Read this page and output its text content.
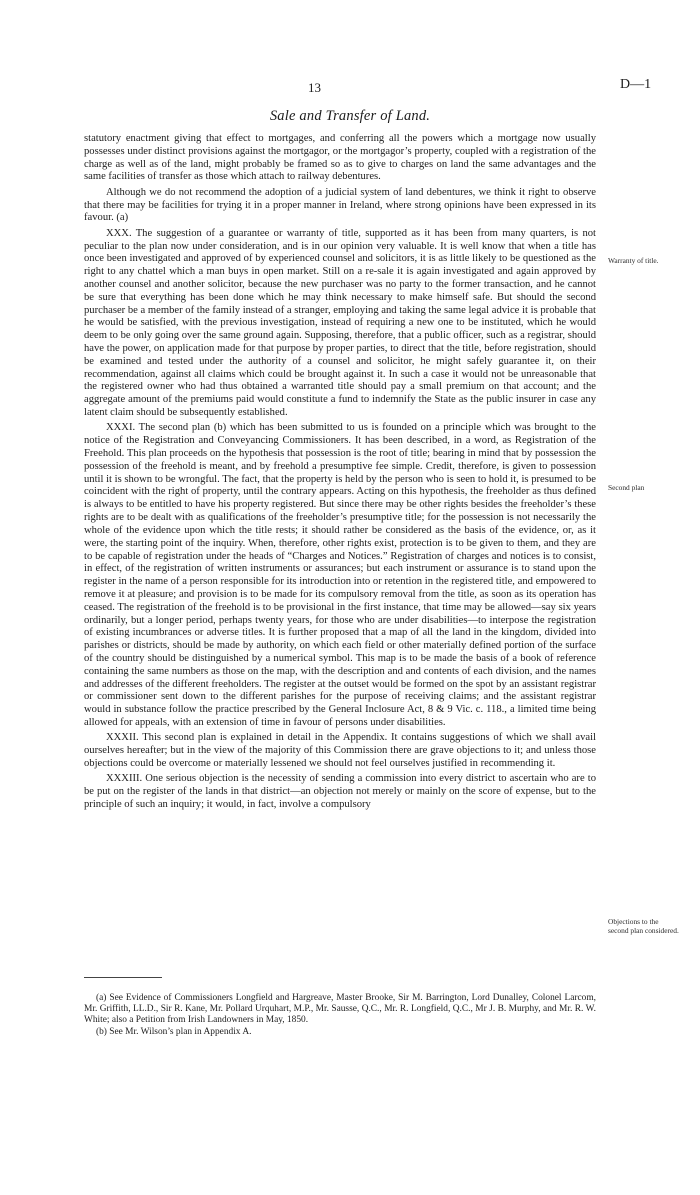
13	D—1
Sale and Transfer of Land.

statutory enactment giving that effect to mortgages, and conferring all the powers which a mortgage now usually possesses under distinct provisions against the mortgagor, or the mortgagor’s property, coupled with a registration of the charge as well as of the land, might probably be framed so as to give to charges on land the same advantages and the same facilities of transfer as those which attach to railway debentures.

Although we do not recommend the adoption of a judicial system of land debentures, we think it right to observe that there may be facilities for trying it in a proper manner in Ireland, where strong opinions have been expressed in its favour. (a)

XXX. The suggestion of a guarantee or warranty of title, supported as it has been from many quarters, is not peculiar to the plan now under consideration, and is in our opinion very valuable. It is well know that when a title has once been investigated and approved of by experienced counsel and solicitors, it is as little likely to be questioned as the right to any chattel which a man buys in open market. Still on a re-sale it is again investigated and again approved by another counsel and another solicitor, because the new purchaser was no party to the former transaction, and he cannot be sure that everything has been done which he may think necessary to make himself safe. But should the second purchaser be a member of the family instead of a stranger, employing and taking the same legal advice it is probable that he would be satisfied, with the previous investigation, instead of requiring a new one to be instituted, which he would deem to be only going over the same ground again. Supposing, therefore, that a public officer, such as a registrar, should have the power, on application made for that purpose by proper parties, to direct that the title, before registration, should be examined and tested under the authority of a counsel and solicitor, he might safely guarantee it, on their recommendation, against all claims which could be brought against it. In such a case it would not be unreasonable that the registered owner who had thus obtained a warranted title should pay a small premium on that account; and the aggregate amount of the premiums paid would constitute a fund to indemnify the State as the public insurer in case any latent claim should be subsequently established.

XXXI. The second plan (b) which has been submitted to us is founded on a principle which was brought to the notice of the Registration and Conveyancing Commissioners. It has been described, in a word, as Registration of the Freehold. This plan proceeds on the hypothesis that possession is the root of title; bearing in mind that by possession the possession of the freehold is meant, and by freehold a presumptive fee simple. Credit, therefore, is given to possession until it is shown to be wrongful. The fact, that the property is held by the person who is seen to hold it, is presumed to be coincident with the right of property, until the contrary appears. Acting on this hypothesis, the freeholder as thus defined is always to be entitled to have his property registered. But since there may be other rights besides the freeholder’s these rights are to be dealt with as qualifications of the freeholder’s presumptive title; for the possession is not necessarily the whole of the evidence upon which the title rests; it should rather be considered as the basis of the evidence, or, as it were, the starting point of the inquiry. When, therefore, other rights exist, protection is to be given to them, and they are to be capable of registration under the heads of “Charges and Notices.” Registration of charges and notices is to consist, in effect, of the registration of written instruments or assurances; but each instrument or assurance is to stand upon the register in the name of a person responsible for its introduction into or retention in the registered title, and empowered to remove it at pleasure; and provision is to be made for its compulsory removal from the title, as soon as its operation has ceased. The registration of the freehold is to be provisional in the first instance, that time may be allowed—say six years ordinarily, but a longer period, perhaps twenty years, for those who are under disabilities—to interpose the registration of existing incumbrances or adverse titles. It is further proposed that a map of all the land in the kingdom, divided into parishes or districts, should be made by authority, on which each field or other materially defined portion of the surface of the country should be distinguished by a numerical symbol. This map is to be made the basis of a book of reference containing the same numbers as those on the map, with the description and and contents of each division, and the names and addresses of the different freeholders. The register at the outset would be formed on the spot by an assistant registrar or commissioner sent down to the different parishes for the purpose of receiving claims; and the assistant registrar would in substance follow the practice prescribed by the General Inclosure Act, 8 & 9 Vic. c. 118., a limited time being allowed for appeals, with an extension of time in favour of persons under disabilities.

XXXII. This second plan is explained in detail in the Appendix. It contains suggestions of which we shall avail ourselves hereafter; but in the view of the majority of this Commission there are grave objections to it; and unless those objections could be overcome or materially lessened we should not feel ourselves justified in recommending it.

XXXIII. One serious objection is the necessity of sending a commission into every district to ascertain who are to be put on the register of the lands in that district—an objection not merely or mainly on the score of expense, but to the principle of such an inquiry; it would, in fact, involve a compulsory

Warranty of title.
Second plan
Objections to the second plan considered.

(a) See Evidence of Commissioners Longfield and Hargreave, Master Brooke, Sir M. Barrington, Lord Dunalley, Colonel Larcom, Mr. Griffith, LL.D., Sir R. Kane, Mr. Pollard Urquhart, M.P., Mr. Sausse, Q.C., Mr. R. Longfield, Q.C., Mr J. B. Murphy, and Mr. R. W. White; also a Petition from Irish Landowners in May, 1850.

(b) See Mr. Wilson’s plan in Appendix A.
